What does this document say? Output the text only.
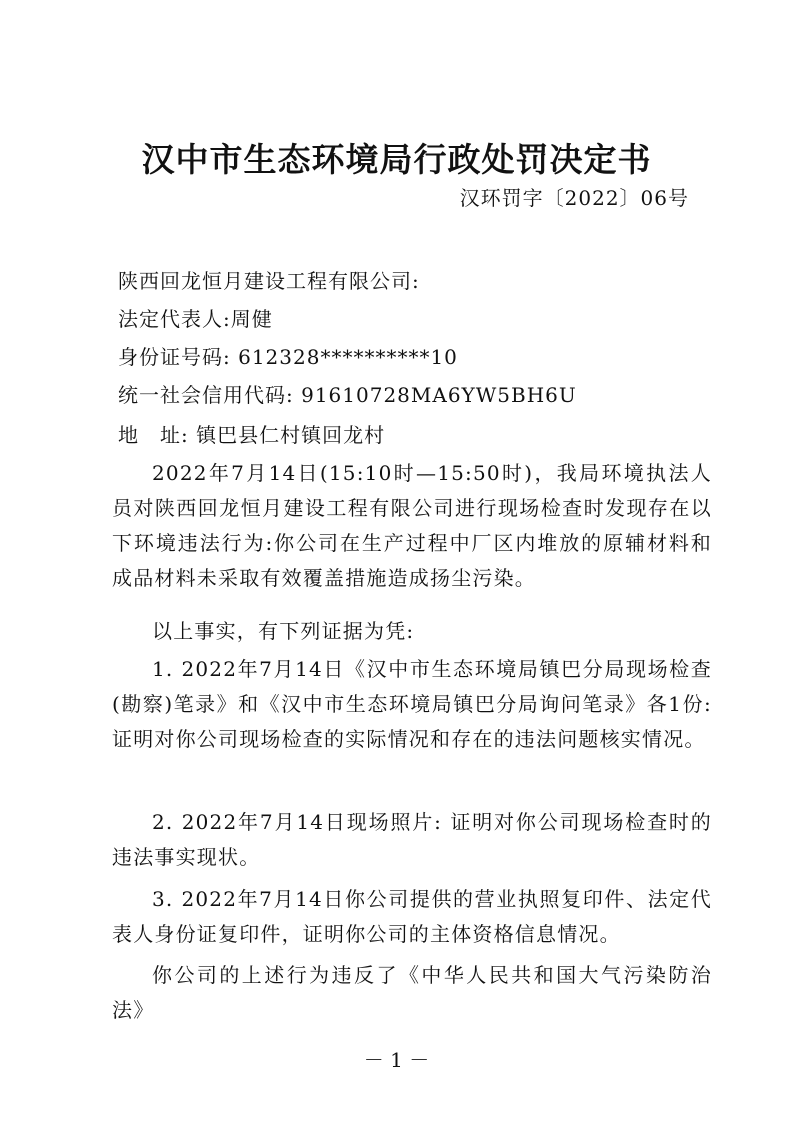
汉中市生态环境局行政处罚决定书
汉环罚字〔2022〕06号
陕西回龙恒月建设工程有限公司:
法定代表人:周健
身份证号码: 612328**********10
统一社会信用代码: 91610728MA6YW5BH6U
地　址: 镇巴县仁村镇回龙村

2022年7月14日(15:10时—15:50时)，我局环境执法人员对陕西回龙恒月建设工程有限公司进行现场检查时发现存在以下环境违法行为:你公司在生产过程中厂区内堆放的原辅材料和成品材料未采取有效覆盖措施造成扬尘污染。

以上事实，有下列证据为凭:

1. 2022年7月14日《汉中市生态环境局镇巴分局现场检查(勘察)笔录》和《汉中市生态环境局镇巴分局询问笔录》各1份:证明对你公司现场检查的实际情况和存在的违法问题核实情况。

2. 2022年7月14日现场照片: 证明对你公司现场检查时的违法事实现状。

3. 2022年7月14日你公司提供的营业执照复印件、法定代表人身份证复印件，证明你公司的主体资格信息情况。

你公司的上述行为违反了《中华人民共和国大气污染防治法》

－ 1 －
